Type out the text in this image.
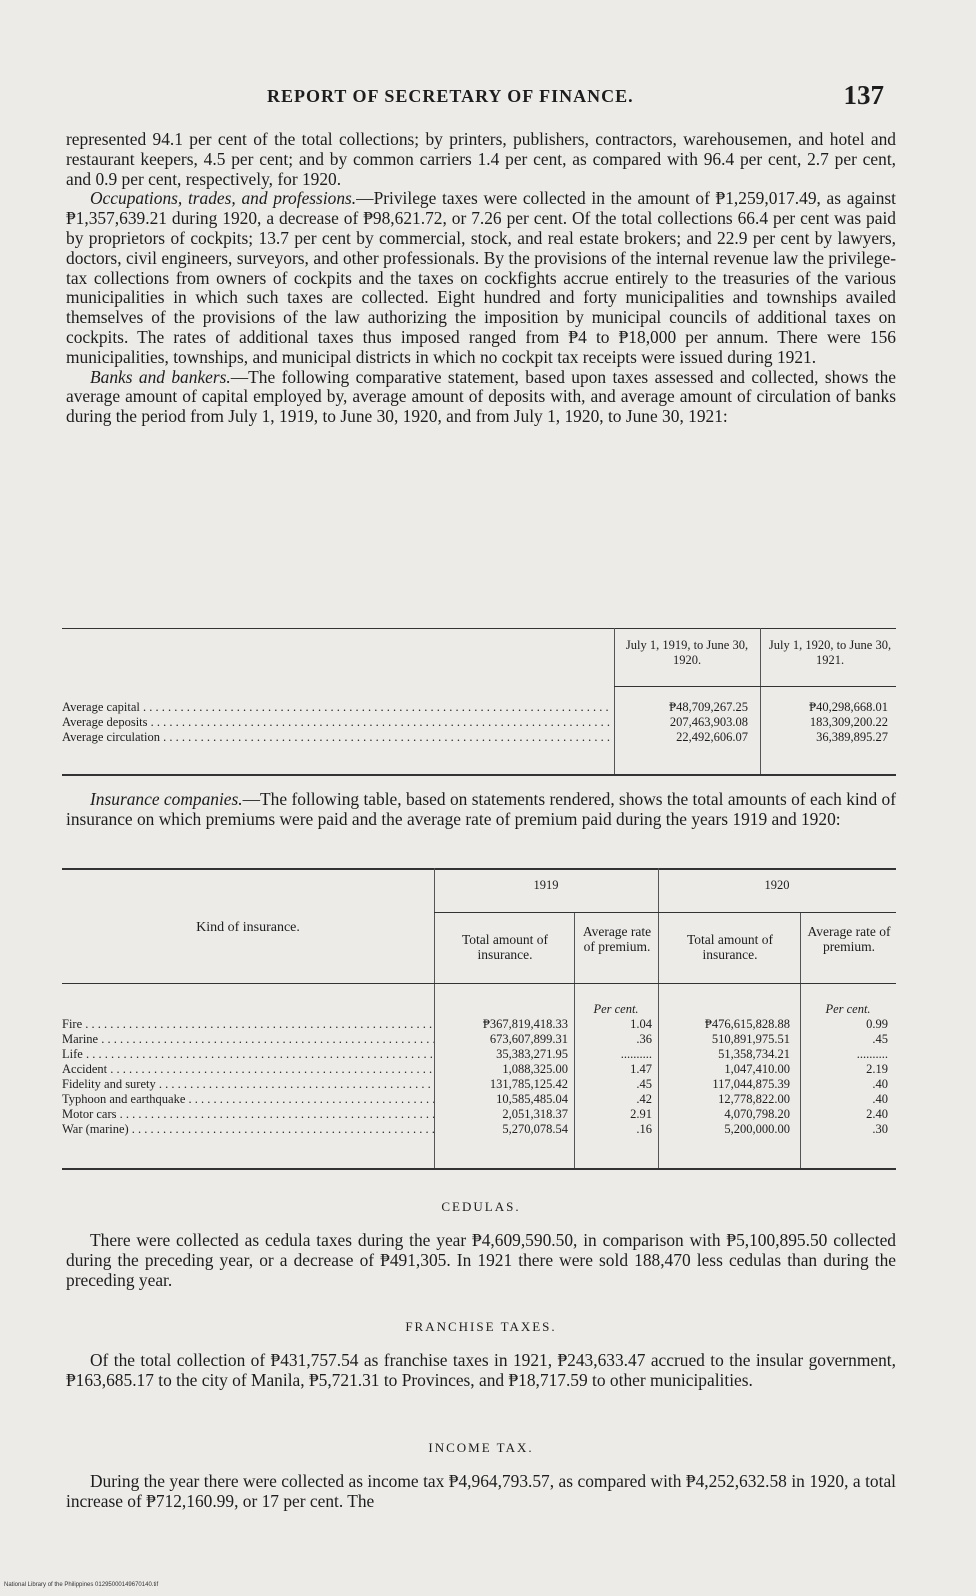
REPORT OF SECRETARY OF FINANCE.	137

represented 94.1 per cent of the total collections; by printers, publishers, contractors, warehousemen, and hotel and restaurant keepers, 4.5 per cent; and by common carriers 1.4 per cent, as compared with 96.4 per cent, 2.7 per cent, and 0.9 per cent, respectively, for 1920.

Occupations, trades, and professions.—Privilege taxes were collected in the amount of ₱1,259,017.49, as against ₱1,357,639.21 during 1920, a decrease of ₱98,621.72, or 7.26 per cent. Of the total collections 66.4 per cent was paid by proprietors of cockpits; 13.7 per cent by commercial, stock, and real estate brokers; and 22.9 per cent by lawyers, doctors, civil engineers, surveyors, and other professionals. By the provisions of the internal revenue law the privilege-tax collections from owners of cockpits and the taxes on cockfights accrue entirely to the treasuries of the various municipalities in which such taxes are collected. Eight hundred and forty municipalities and townships availed themselves of the provisions of the law authorizing the imposition by municipal councils of additional taxes on cockpits. The rates of additional taxes thus imposed ranged from ₱4 to ₱18,000 per annum. There were 156 municipalities, townships, and municipal districts in which no cockpit tax receipts were issued during 1921.

Banks and bankers.—The following comparative statement, based upon taxes assessed and collected, shows the average amount of capital employed by, average amount of deposits with, and average amount of circulation of banks during the period from July 1, 1919, to June 30, 1920, and from July 1, 1920, to June 30, 1921:

July 1, 1919, to June 30, 1920.
July 1, 1920, to June 30, 1921.
Average capital . . .	₱48,709,267.25	₱40,298,668.01
Average deposits . . .	207,463,903.08	183,309,200.22
Average circulation . . .	22,492,606.07	36,389,895.27

Insurance companies.—The following table, based on statements rendered, shows the total amounts of each kind of insurance on which premiums were paid and the average rate of premium paid during the years 1919 and 1920:

Kind of insurance.
1919	1920
Total amount of insurance.
Average rate of premium.	Total amount of insurance.
Average rate of premium.
Per cent.	Per cent.
Fire . . .	₱367,819,418.33	1.04	₱476,615,828.88	0.99
Marine . . .	673,607,899.31	.36	510,891,975.51	.45
Life . . .	35,383,271.95	..........	51,358,734.21	..........
Accident . . .	1,088,325.00	1.47	1,047,410.00	2.19
Fidelity and surety . . .	131,785,125.42	.45	117,044,875.39	.40
Typhoon and earthquake . . .	10,585,485.04	.42	12,778,822.00	.40
Motor cars . . .	2,051,318.37	2.91	4,070,798.20	2.40
War (marine) . . .	5,270,078.54	.16	5,200,000.00	.30
CEDULAS.

There were collected as cedula taxes during the year ₱4,609,590.50, in comparison with ₱5,100,895.50 collected during the preceding year, or a decrease of ₱491,305. In 1921 there were sold 188,470 less cedulas than during the preceding year.

FRANCHISE TAXES.

Of the total collection of ₱431,757.54 as franchise taxes in 1921, ₱243,633.47 accrued to the insular government, ₱163,685.17 to the city of Manila, ₱5,721.31 to Provinces, and ₱18,717.59 to other municipalities.

INCOME TAX.

During the year there were collected as income tax ₱4,964,793.57, as compared with ₱4,252,632.58 in 1920, a total increase of ₱712,160.99, or 17 per cent. The

National Library of the Philippines 01295000149670140.tif
